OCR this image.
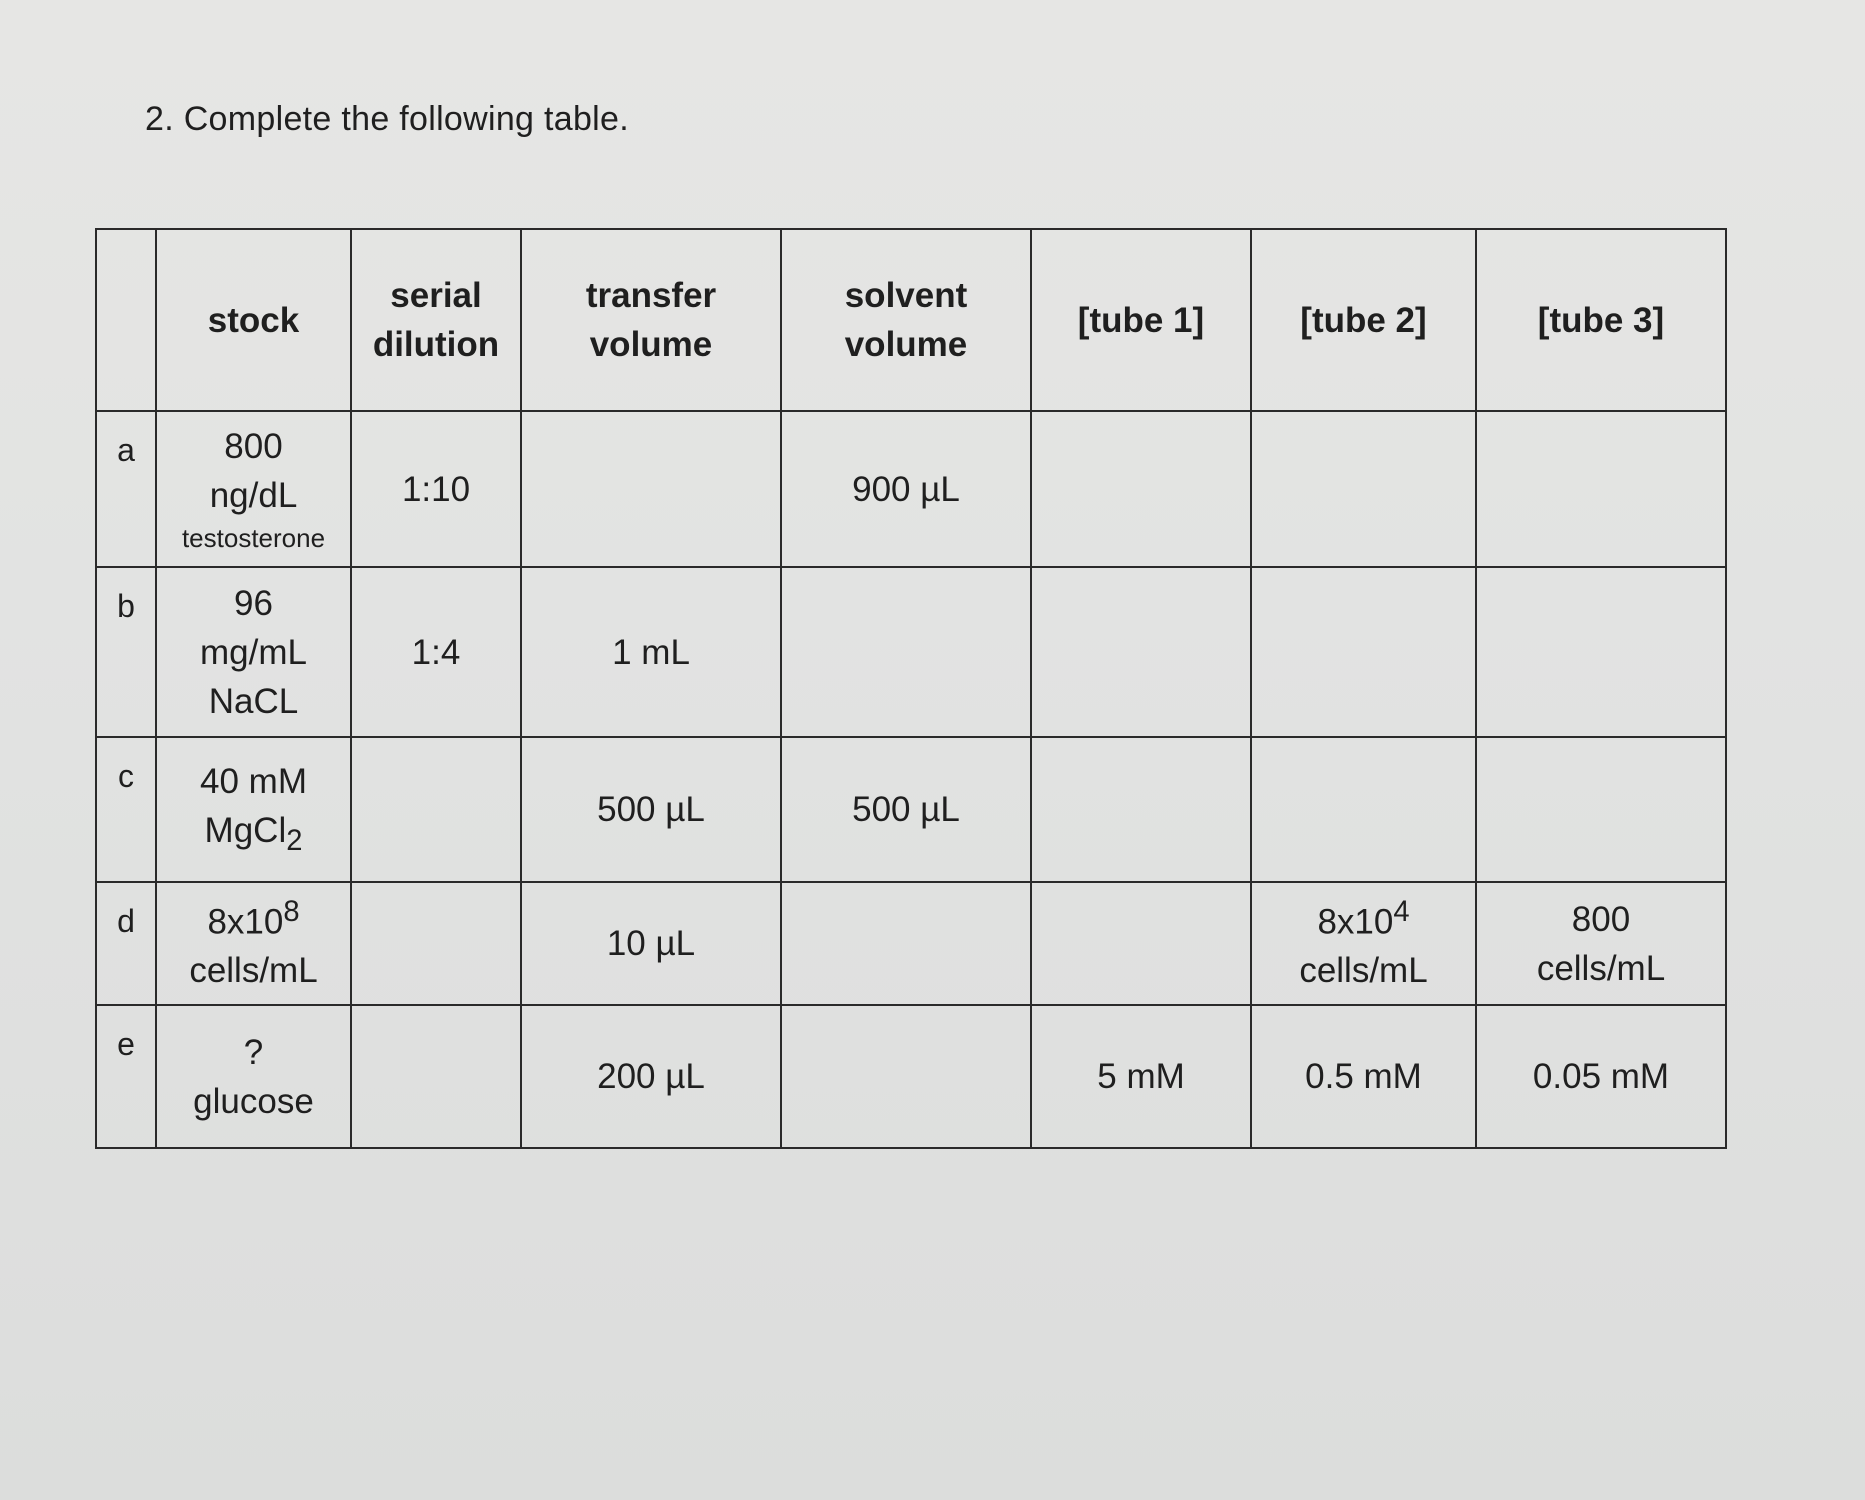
2. Complete the following table.
	stock	serial dilution	transfer volume	solvent volume	[tube 1]	[tube 2]	[tube 3]
a	800
ng/dL
testosterone	1:10		900 µL			
b	96
mg/mL
NaCL	1:4	1 mL				
c	40 mM
MgCl$_2$		500 µL	500 µL			
d	$8x10^8$
cells/mL		10 µL			$8x10^4$
cells/mL	800
cells/mL

e	?
glucose		200 µL		5 mM	0.5 mM	0.05 mM
